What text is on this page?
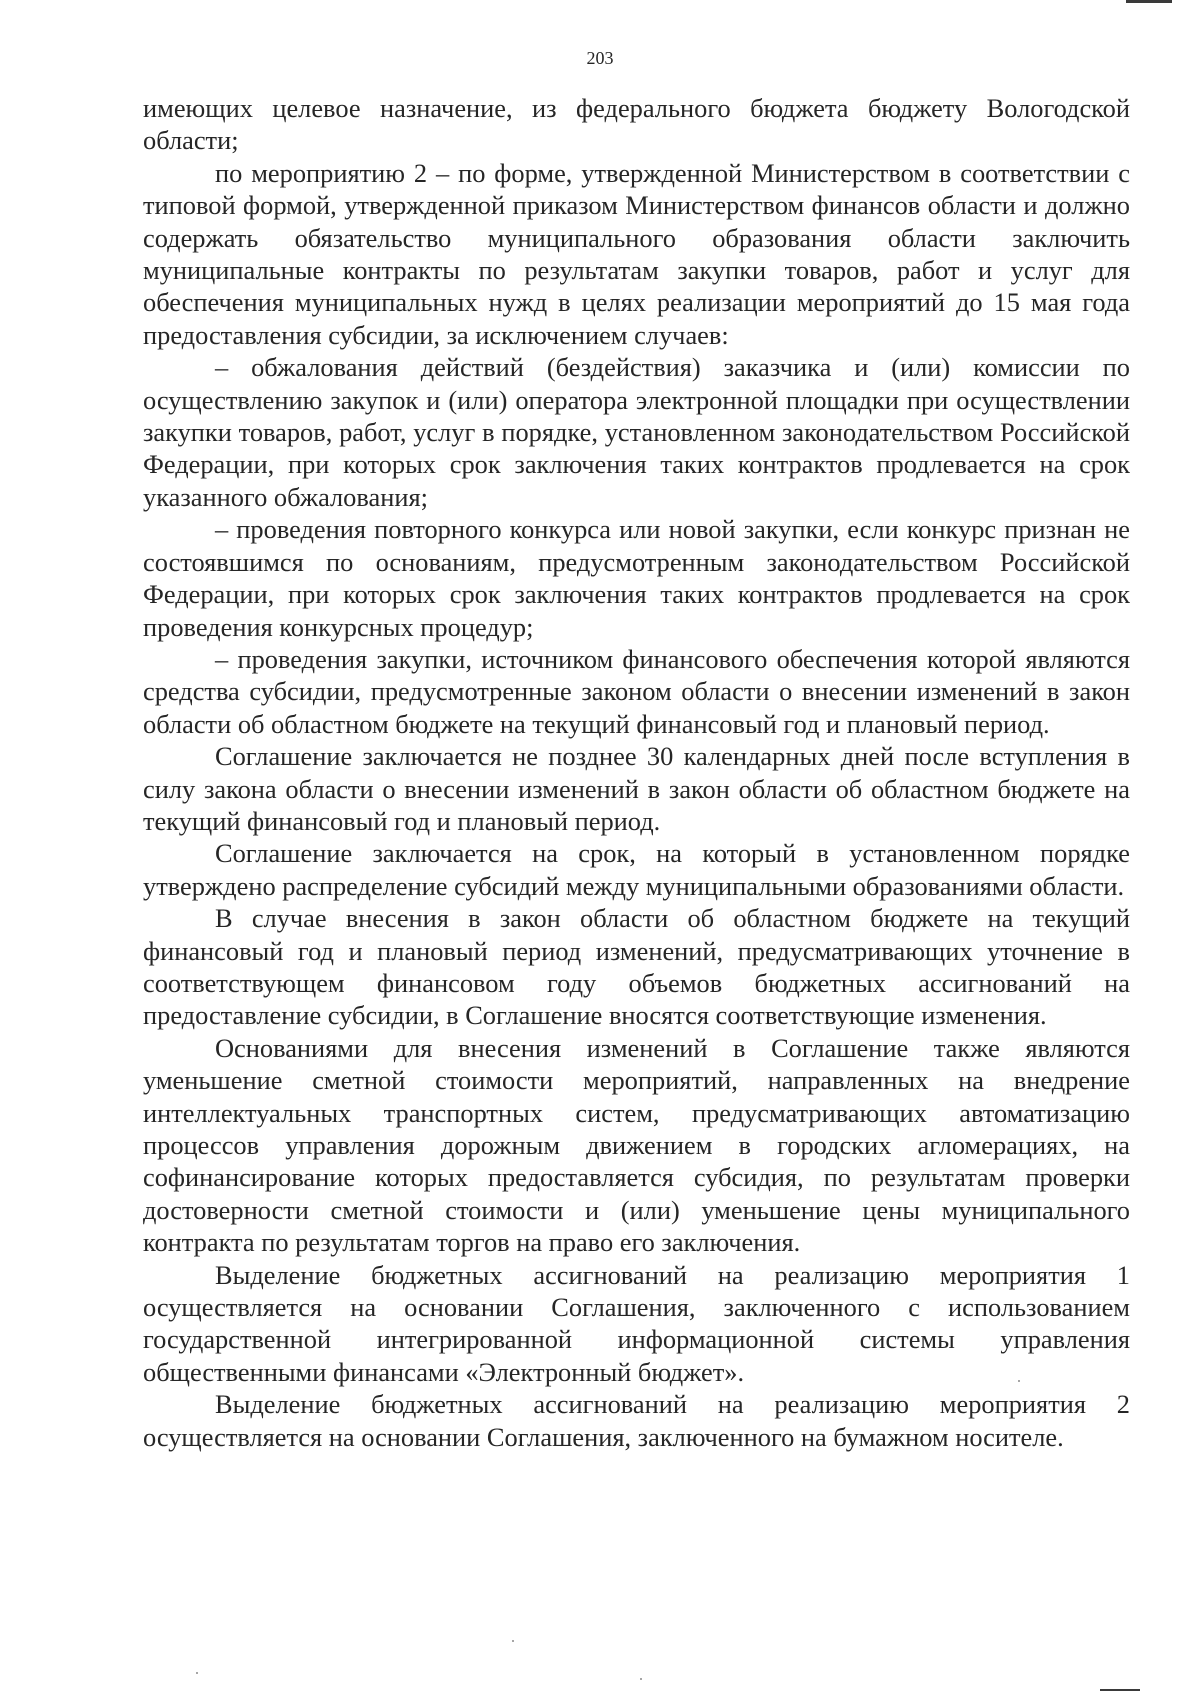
203

имеющих целевое назначение, из федерального бюджета бюджету Вологодской области;

по мероприятию 2 – по форме, утвержденной Министерством в соответствии с типовой формой, утвержденной приказом Министерством финансов области и должно содержать обязательство муниципального образования области заключить муниципальные контракты по результатам закупки товаров, работ и услуг для обеспечения муниципальных нужд в целях реализации мероприятий до 15 мая года предоставления субсидии, за исключением случаев:

– обжалования действий (бездействия) заказчика и (или) комиссии по осуществлению закупок и (или) оператора электронной площадки при осуществлении закупки товаров, работ, услуг в порядке, установленном законодательством Российской Федерации, при которых срок заключения таких контрактов продлевается на срок указанного обжалования;

– проведения повторного конкурса или новой закупки, если конкурс признан не состоявшимся по основаниям, предусмотренным законодательством Российской Федерации, при которых срок заключения таких контрактов продлевается на срок проведения конкурсных процедур;

– проведения закупки, источником финансового обеспечения которой являются средства субсидии, предусмотренные законом области о внесении изменений в закон области об областном бюджете на текущий финансовый год и плановый период.

Соглашение заключается не позднее 30 календарных дней после вступления в силу закона области о внесении изменений в закон области об областном бюджете на текущий финансовый год и плановый период.

Соглашение заключается на срок, на который в установленном порядке утверждено распределение субсидий между муниципальными образованиями области.

В случае внесения в закон области об областном бюджете на текущий финансовый год и плановый период изменений, предусматривающих уточнение в соответствующем финансовом году объемов бюджетных ассигнований на предоставление субсидии, в Соглашение вносятся соответствующие изменения.

Основаниями для внесения изменений в Соглашение также являются уменьшение сметной стоимости мероприятий, направленных на внедрение интеллектуальных транспортных систем, предусматривающих автоматизацию процессов управления дорожным движением в городских агломерациях, на софинансирование которых предоставляется субсидия, по результатам проверки достоверности сметной стоимости и (или) уменьшение цены муниципального контракта по результатам торгов на право его заключения.

Выделение бюджетных ассигнований на реализацию мероприятия 1 осуществляется на основании Соглашения, заключенного с использованием государственной интегрированной информационной системы управления общественными финансами «Электронный бюджет».

Выделение бюджетных ассигнований на реализацию мероприятия 2 осуществляется на основании Соглашения, заключенного на бумажном носителе.
